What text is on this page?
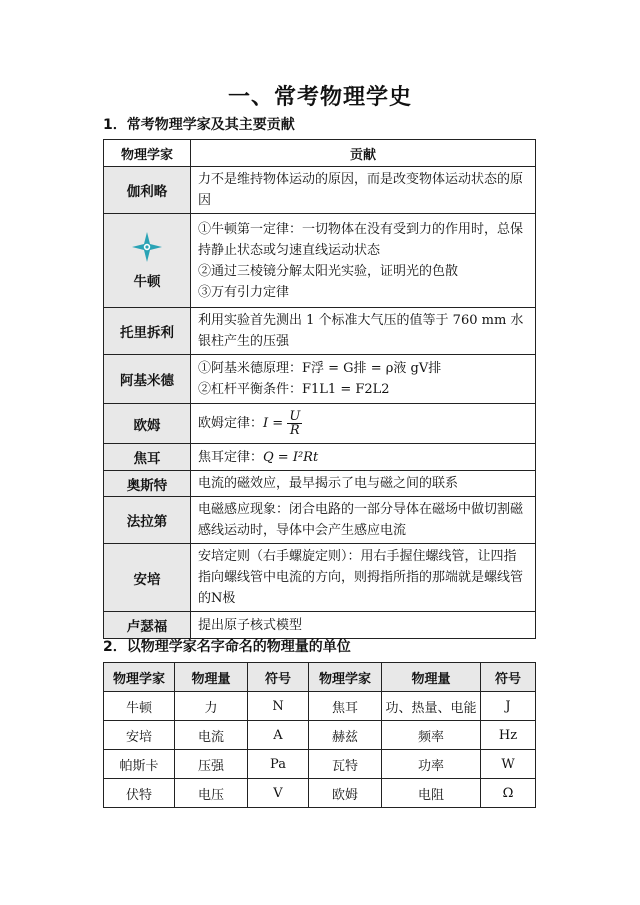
一、常考物理学史
1．常考物理学家及其主要贡献
物理学家	贡献
伽利略	力不是维持物体运动的原因，而是改变物体运动状态的原因

牛顿	①牛顿第一定律：一切物体在没有受到力的作用时，总保持静止状态或匀速直线运动状态
②通过三棱镜分解太阳光实验，证明光的色散
③万有引力定律

托里拆利	利用实验首先测出 1 个标准大气压的值等于 760 mm 水银柱产生的压强

阿基米德	①阿基米德原理：F浮 = G排 = ρ液 gV排
②杠杆平衡条件：F1L1 = F2L2

欧姆	欧姆定律：$I = \frac{U}{R}$

焦耳	焦耳定律：Q = I²Rt
奥斯特	电流的磁效应，最早揭示了电与磁之间的联系

法拉第	电磁感应现象：闭合电路的一部分导体在磁场中做切割磁感线运动时，导体中会产生感应电流

安培	安培定则（右手螺旋定则）：用右手握住螺线管，让四指指向螺线管中电流的方向，则拇指所指的那端就是螺线管的N极

卢瑟福	提出原子核式模型
2．以物理学家名字命名的物理量的单位
物理学家	物理量	符号	物理学家	物理量	符号
牛顿	力	N	焦耳	功、热量、电能	J
安培	电流	A	赫兹	频率	Hz
帕斯卡	压强	Pa	瓦特	功率	W
伏特	电压	V	欧姆	电阻	Ω
